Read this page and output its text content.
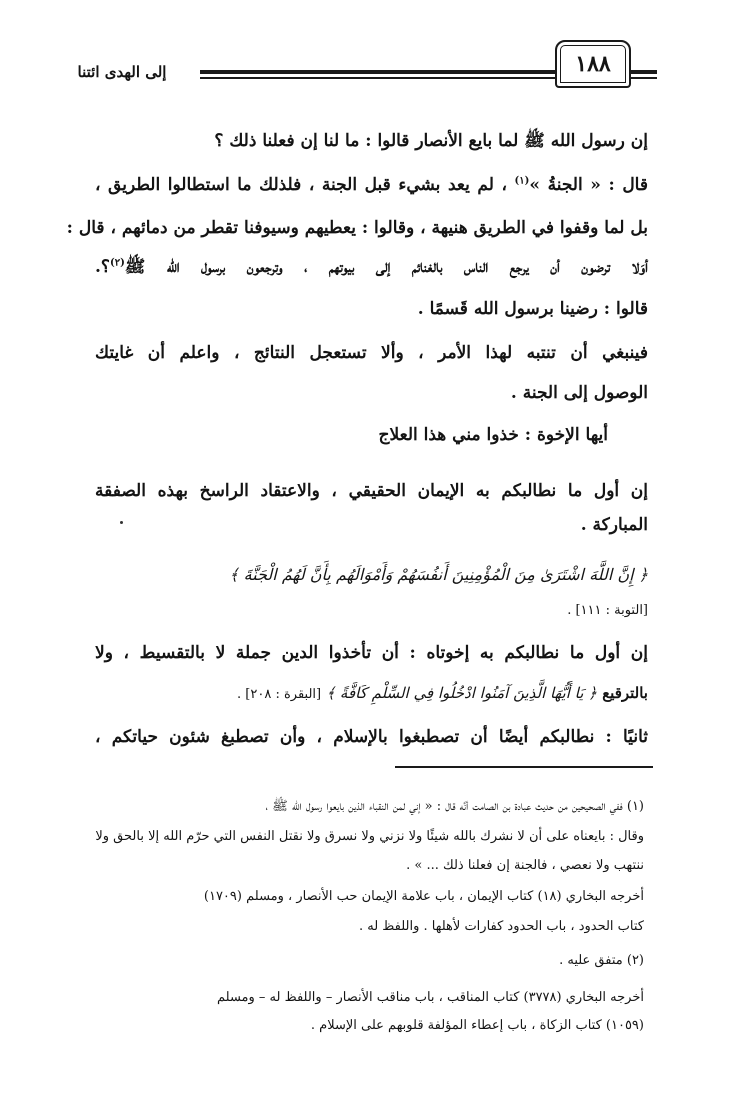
إلى الهدى ائتنا	١٨٨
إن رسول الله ﷺ لما بايع الأنصار قالوا : ما لنا إن فعلنا ذلك ؟
قال : « الجنةُ »$^{(١)}$ ، لم يعد بشيء قبل الجنة ، فلذلك ما استطالوا الطريق ،
بل لما وقفوا في الطريق هنيهة ، وقالوا : يعطيهم وسيوفنا تقطر من دمائهم ، قال :
أوَلا ترضون أن يرجع الناس بالغنائم إلى بيوتهم ، وترجعون برسول الله ﷺ$^{(٢)}$؟.
قالوا : رضينا برسول الله قَسمًا .
فينبغي أن تنتبه لهذا الأمر ، وألا تستعجل النتائج ، واعلم أن غايتك
الوصول إلى الجنة .
أيها الإخوة : خذوا مني هذا العلاج
إن أول ما نطالبكم به الإيمان الحقيقي ، والاعتقاد الراسخ بهذه الصفقة
المباركة .
﴿ إِنَّ اللَّهَ اشْتَرَىٰ مِنَ الْمُؤْمِنِينَ أَنفُسَهُمْ وَأَمْوَالَهُم بِأَنَّ لَهُمُ الْجَنَّةَ ﴾
[التوبة : ١١١] .
إن أول ما نطالبكم به إخوتاه : أن تأخذوا الدين جملة لا بالتقسيط ، ولا
بالترقيع ﴿ يَا أَيُّهَا الَّذِينَ آمَنُوا ادْخُلُوا فِي السِّلْمِ كَافَّةً ﴾ [البقرة : ٢٠٨] .
ثانيًا : نطالبكم أيضًا أن تصطبغوا بالإسلام ، وأن تصطبغ شئون حياتكم ،
(١) ففي الصحيحين من حديث عبادة بن الصامت أنَّه قال : « إني لمن النقباء الذين بايعوا رسول الله ﷺ ،
وقال : بايعناه على أن لا نشرك بالله شيئًا ولا نزني ولا نسرق ولا نقتل النفس التي حرّم الله إلا بالحق ولا
ننتهب ولا نعصي ، فالجنة إن فعلنا ذلك ... » .
أخرجه البخاري (١٨) كتاب الإيمان ، باب علامة الإيمان حب الأنصار ، ومسلم (١٧٠٩)
كتاب الحدود ، باب الحدود كفارات لأهلها . واللفظ له .
(٢) متفق عليه .
أخرجه البخاري (٣٧٧٨) كتاب المناقب ، باب مناقب الأنصار – واللفظ له – ومسلم
(١٠٥٩) كتاب الزكاة ، باب إعطاء المؤلفة قلوبهم على الإسلام .
